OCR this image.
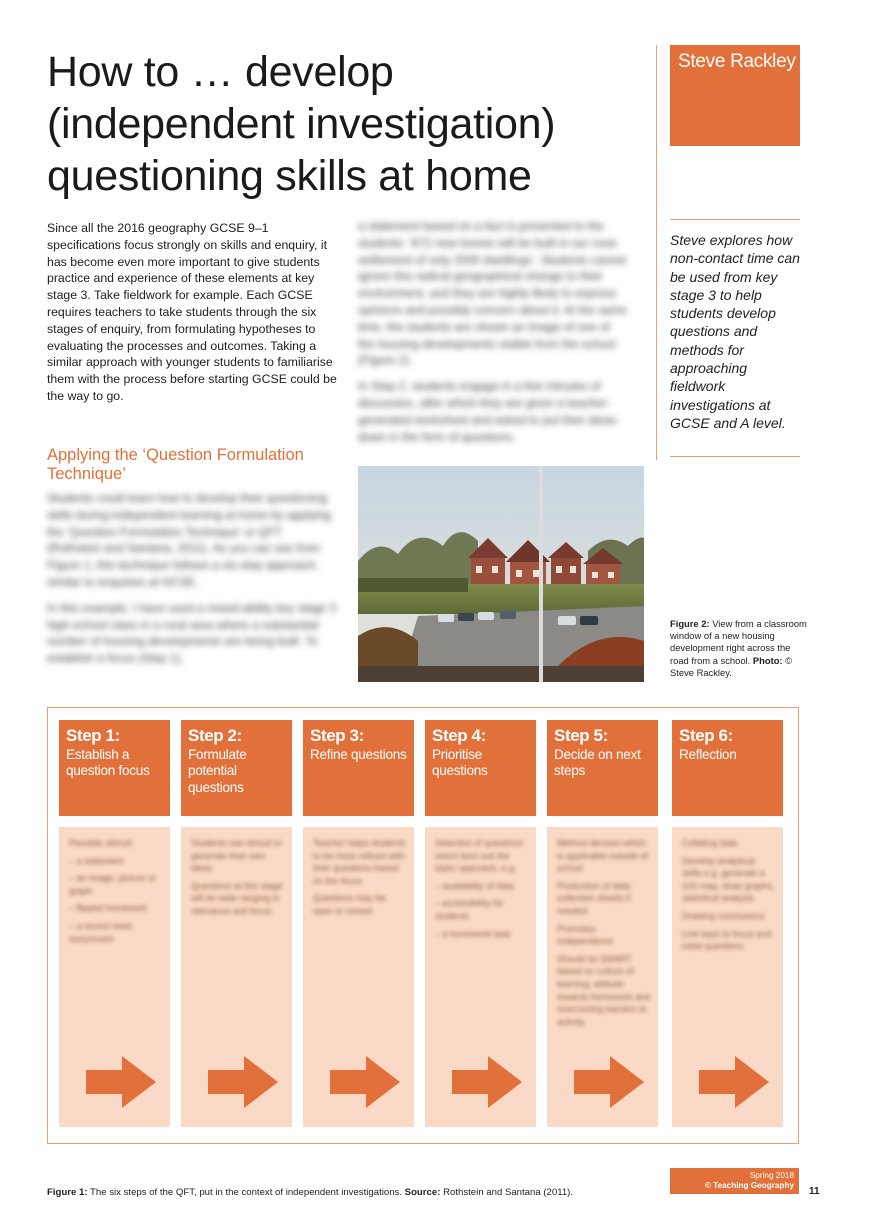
How to … develop
(independent investigation)
questioning skills at home
Steve Rackley
Steve explores how non-contact time can be used from key stage 3 to help students develop questions and methods for approaching fieldwork investigations at GCSE and A level.

Since all the 2016 geography GCSE 9–1 specifications focus strongly on skills and enquiry, it has become even more important to give students practice and experience of these elements at key stage 3. Take fieldwork for example. Each GCSE requires teachers to take students through the six stages of enquiry, from formulating hypotheses to evaluating the processes and outcomes. Taking a similar approach with younger students to familiarise them with the process before starting GCSE could be the way to go.

Applying the ‘Question Formulation Technique’

Students could learn how to develop their questioning skills during independent learning at home by applying the ‘Question Formulation Technique’ or QFT (Rothstein and Santana, 2011). As you can see from Figure 1, this technique follows a six-step approach, similar to enquiries at GCSE.

In this example, I have used a mixed-ability key stage 3 high-school class in a rural area where a substantial number of housing developments are being built. To establish a focus (Step 1),

a statement based on a fact is presented to the students: ‘872 new homes will be built in our rural settlement of only 2000 dwellings’. Students cannot ignore this radical geographical change to their environment, and they are highly likely to express opinions and possibly concern about it. At the same time, the students are shown an image of one of the housing developments visible from the school (Figure 2).

In Step 2, students engage in a few minutes of discussion, after which they are given a teacher-generated worksheet and asked to put their ideas down in the form of questions.

Figure 2: View from a classroom window of a new housing development right across the road from a school. Photo: © Steve Rackley.
Step 1:
Establish a question focus
Possible stimuli:
– a statement
– an image, picture or graph
– flipped homework
– a recent news story/event
Step 2:
Formulate potential questions
Students use stimuli to generate their own ideas
Questions at this stage will be wide-ranging in relevance and focus
Step 3:
Refine questions
Teacher helps students to be more refined with their questions based on the focus
Questions may be open or closed
Step 4:
Prioritise questions
Selection of questions which best suit the topic/ approach, e.g.
– availability of data
– accessibility for students
– a homework task
Step 5:
Decide on next steps
Method devised which is applicable outside of school
Production of data collection sheets if needed
Promotes independence
Should be SMART based on culture of learning, attitude towards homework and overcoming barriers to activity
Step 6:
Reflection
Collating data
Develop analytical skills e.g. generate a GIS map, draw graphs, statistical analysis
Drawing conclusions
Link back to focus and initial questions
Figure 1: The six steps of the QFT, put in the context of independent investigations. Source: Rothstein and Santana (2011).
Spring 2018
© Teaching Geography
11
